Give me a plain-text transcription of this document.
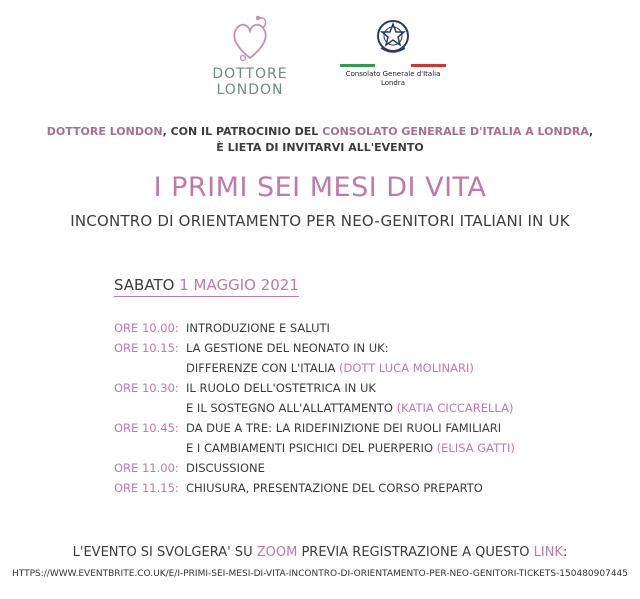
DOTTORE LONDON
Consolato Generale d'Italia
Londra
DOTTORE LONDON, CON IL PATROCINIO DEL CONSOLATO GENERALE D'ITALIA A LONDRA,
È LIETA DI INVITARVI ALL'EVENTO
I PRIMI SEI MESI DI VITA
INCONTRO DI ORIENTAMENTO PER NEO-GENITORI ITALIANI IN UK
SABATO 1 MAGGIO 2021
ORE 10.00: INTRODUZIONE E SALUTI
ORE 10.15: LA GESTIONE DEL NEONATO IN UK:
DIFFERENZE CON L'ITALIA (DOTT LUCA MOLINARI)
ORE 10.30: IL RUOLO DELL'OSTETRICA IN UK
E IL SOSTEGNO ALL'ALLATTAMENTO (KATIA CICCARELLA)
ORE 10.45: DA DUE A TRE: LA RIDEFINIZIONE DEI RUOLI FAMILIARI
E I CAMBIAMENTI PSICHICI DEL PUERPERIO (ELISA GATTI)
ORE 11.00: DISCUSSIONE
ORE 11.15: CHIUSURA, PRESENTAZIONE DEL CORSO PREPARTO
L'EVENTO SI SVOLGERA' SU ZOOM PREVIA REGISTRAZIONE A QUESTO LINK:
HTTPS://WWW.EVENTBRITE.CO.UK/E/I-PRIMI-SEI-MESI-DI-VITA-INCONTRO-DI-ORIENTAMENTO-PER-NEO-GENITORI-TICKETS-150480907445
